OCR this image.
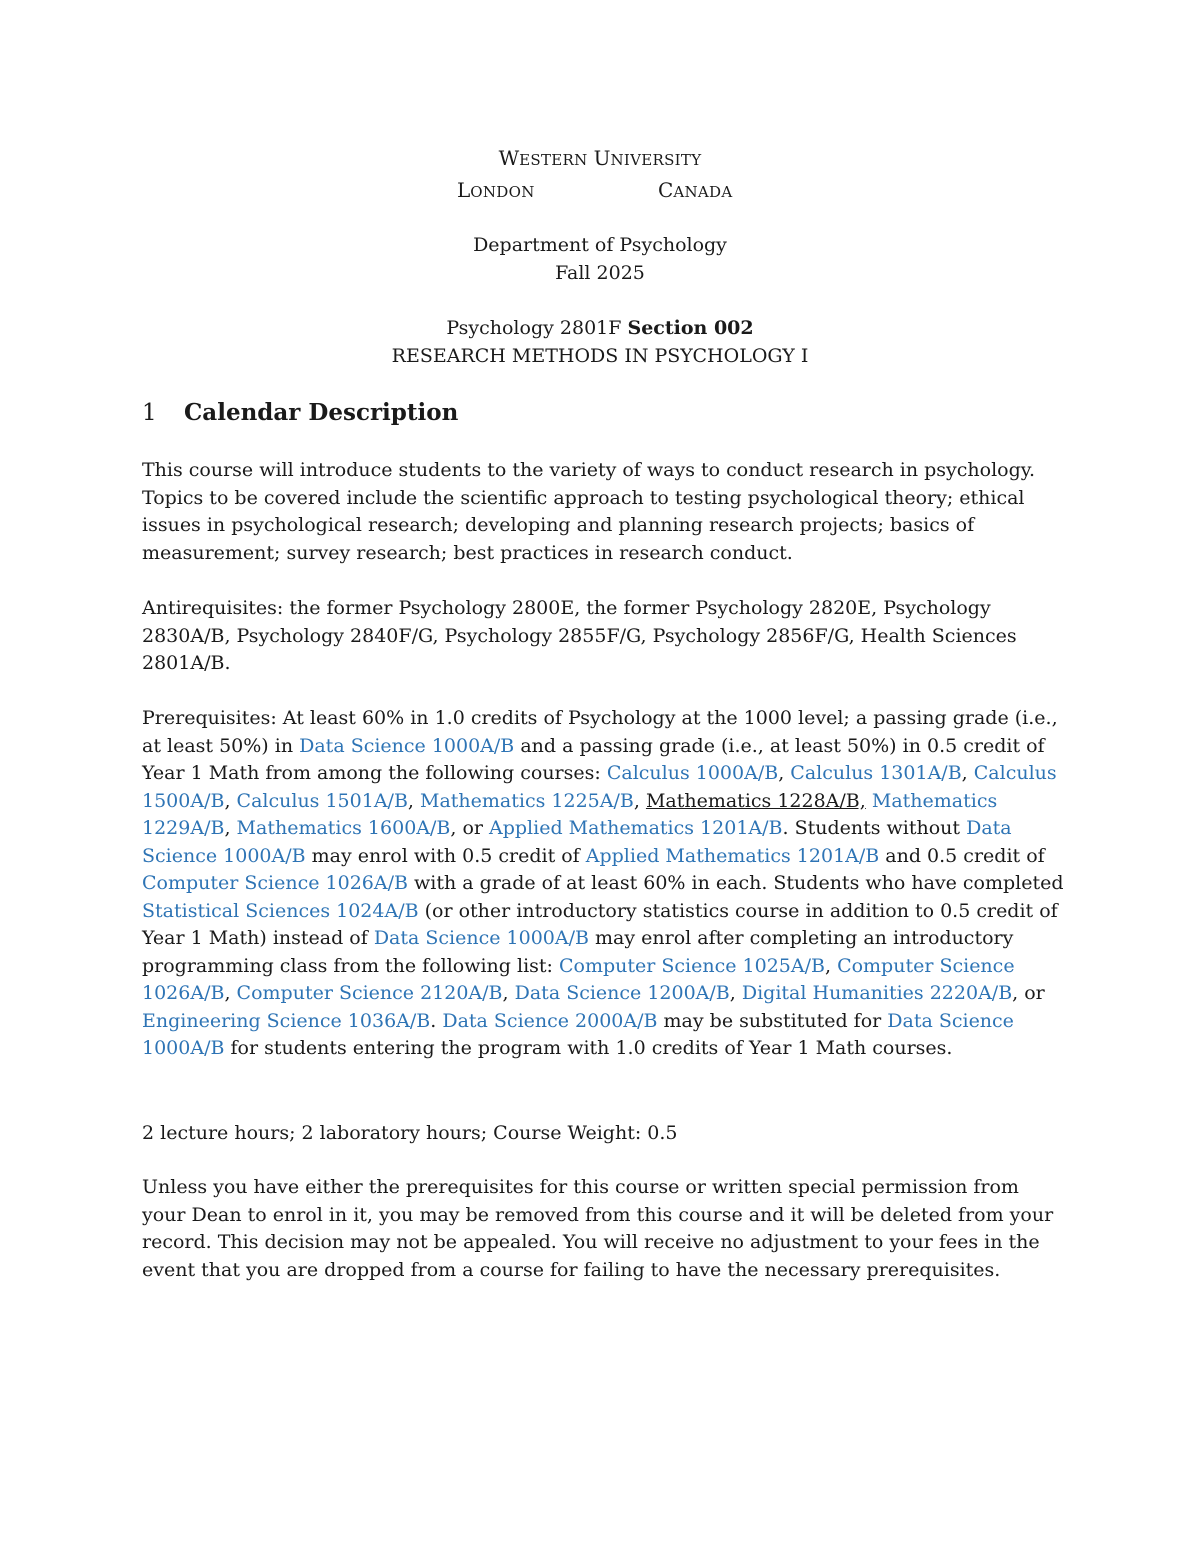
WESTERN UNIVERSITY
LONDON	CANADA
Department of Psychology
Fall 2025
Psychology 2801F Section 002
RESEARCH METHODS IN PSYCHOLOGY I
1 Calendar Description

This course will introduce students to the variety of ways to conduct research in psychology. Topics to be covered include the scientific approach to testing psychological theory; ethical issues in psychological research; developing and planning research projects; basics of measurement; survey research; best practices in research conduct.

Antirequisites: the former Psychology 2800E, the former Psychology 2820E, Psychology 2830A/B, Psychology 2840F/G, Psychology 2855F/G, Psychology 2856F/G, Health Sciences 2801A/B.

Prerequisites: At least 60% in 1.0 credits of Psychology at the 1000 level; a passing grade (i.e., at least 50%) in Data Science 1000A/B and a passing grade (i.e., at least 50%) in 0.5 credit of Year 1 Math from among the following courses: Calculus 1000A/B, Calculus 1301A/B, Calculus 1500A/B, Calculus 1501A/B, Mathematics 1225A/B, Mathematics 1228A/B, Mathematics 1229A/B, Mathematics 1600A/B, or Applied Mathematics 1201A/B. Students without Data Science 1000A/B may enrol with 0.5 credit of Applied Mathematics 1201A/B and 0.5 credit of Computer Science 1026A/B with a grade of at least 60% in each. Students who have completed Statistical Sciences 1024A/B (or other introductory statistics course in addition to 0.5 credit of Year 1 Math) instead of Data Science 1000A/B may enrol after completing an introductory programming class from the following list: Computer Science 1025A/B, Computer Science 1026A/B, Computer Science 2120A/B, Data Science 1200A/B, Digital Humanities 2220A/B, or Engineering Science 1036A/B. Data Science 2000A/B may be substituted for Data Science 1000A/B for students entering the program with 1.0 credits of Year 1 Math courses.

2 lecture hours; 2 laboratory hours; Course Weight: 0.5

Unless you have either the prerequisites for this course or written special permission from your Dean to enrol in it, you may be removed from this course and it will be deleted from your record. This decision may not be appealed. You will receive no adjustment to your fees in the event that you are dropped from a course for failing to have the necessary prerequisites.
